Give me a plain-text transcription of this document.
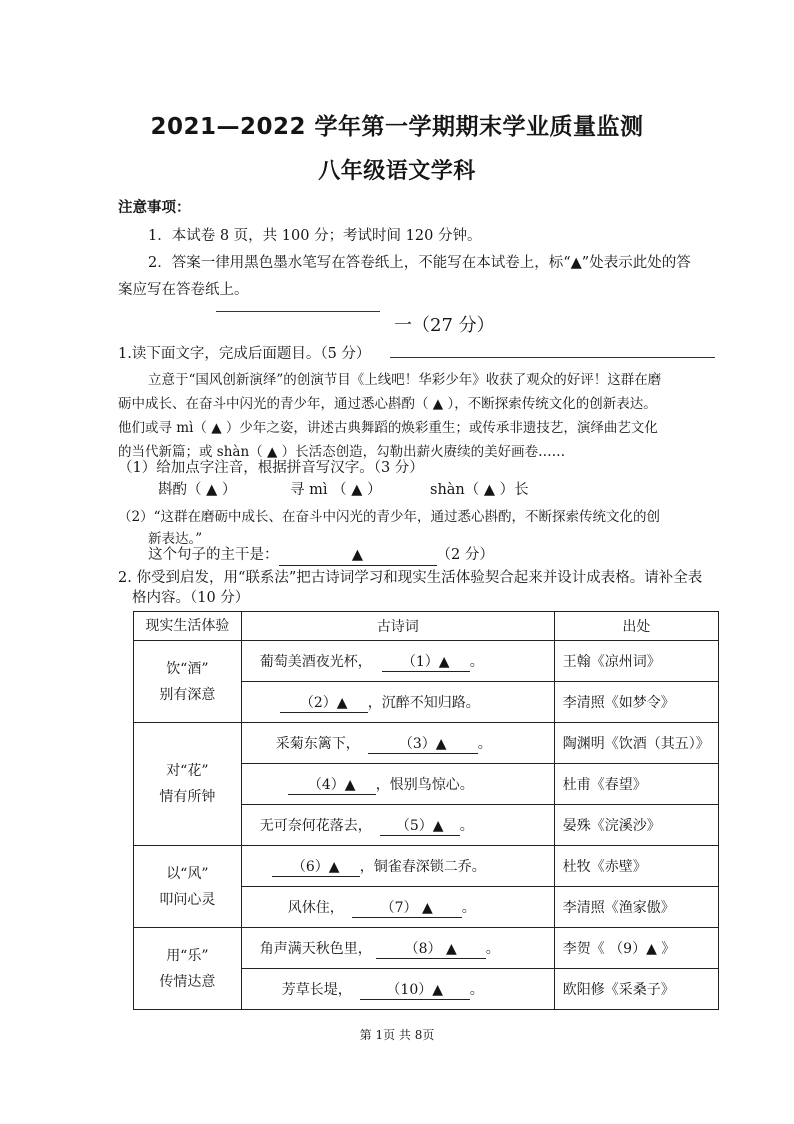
2021—2022 学年第一学期期末学业质量监测
八年级语文学科
注意事项：
1．本试卷 8 页，共 100 分；考试时间 120 分钟。
2．答案一律用黑色墨水笔写在答卷纸上，不能写在本试卷上，标“▲”处表示此处的答
案应写在答卷纸上。
一（27 分）
1.读下面文字，完成后面题目。（5 分）
立意于“国风创新演绎”的创演节目《上线吧！华彩少年》收获了观众的好评！这群在磨
砺中成长、在奋斗中闪光的青少年，通过悉心斟酌（ ▲ ），不断探索传统文化的创新表达。
他们或寻 mì（ ▲ ）少年之姿，讲述古典舞蹈的焕彩重生；或传承非遗技艺，演绎曲艺文化
的当代新篇；或 shàn（ ▲ ）长活态创造，勾勒出薪火赓续的美好画卷……
（1）给加点字注音，根据拼音写汉字。（3 分）
斟酌（ ▲ ）	寻 mì （ ▲ ）	shàn（ ▲ ）长
（2）“这群在磨砺中成长、在奋斗中闪光的青少年，通过悉心斟酌，不断探索传统文化的创
新表达。”
这个句子的主干是：	▲	（2 分）
2. 你受到启发，用“联系法”把古诗词学习和现实生活体验契合起来并设计成表格。请补全表
格内容。（10 分）
现实生活体验	古诗词	出处
饮“酒”
别有深意	葡萄美酒夜光杯， （1）▲ 。	王翰《凉州词》
	（2）▲ ，沉醉不知归路。	李清照《如梦令》
对“花”
情有所钟	采菊东篱下， （3）▲ 。	陶渊明《饮酒（其五）》
	（4）▲ ，恨别鸟惊心。	杜甫《春望》
	无可奈何花落去， （5）▲ 。	晏殊《浣溪沙》
以“风”
叩问心灵	（6）▲ ，铜雀春深锁二乔。	杜牧《赤壁》
	风休住， （7） ▲ 。	李清照《渔家傲》
用“乐”
传情达意	角声满天秋色里， （8） ▲ 。	李贺《 （9）▲ 》
	芳草长堤， （10）▲ 。	欧阳修《采桑子》
第 1页 共 8页
